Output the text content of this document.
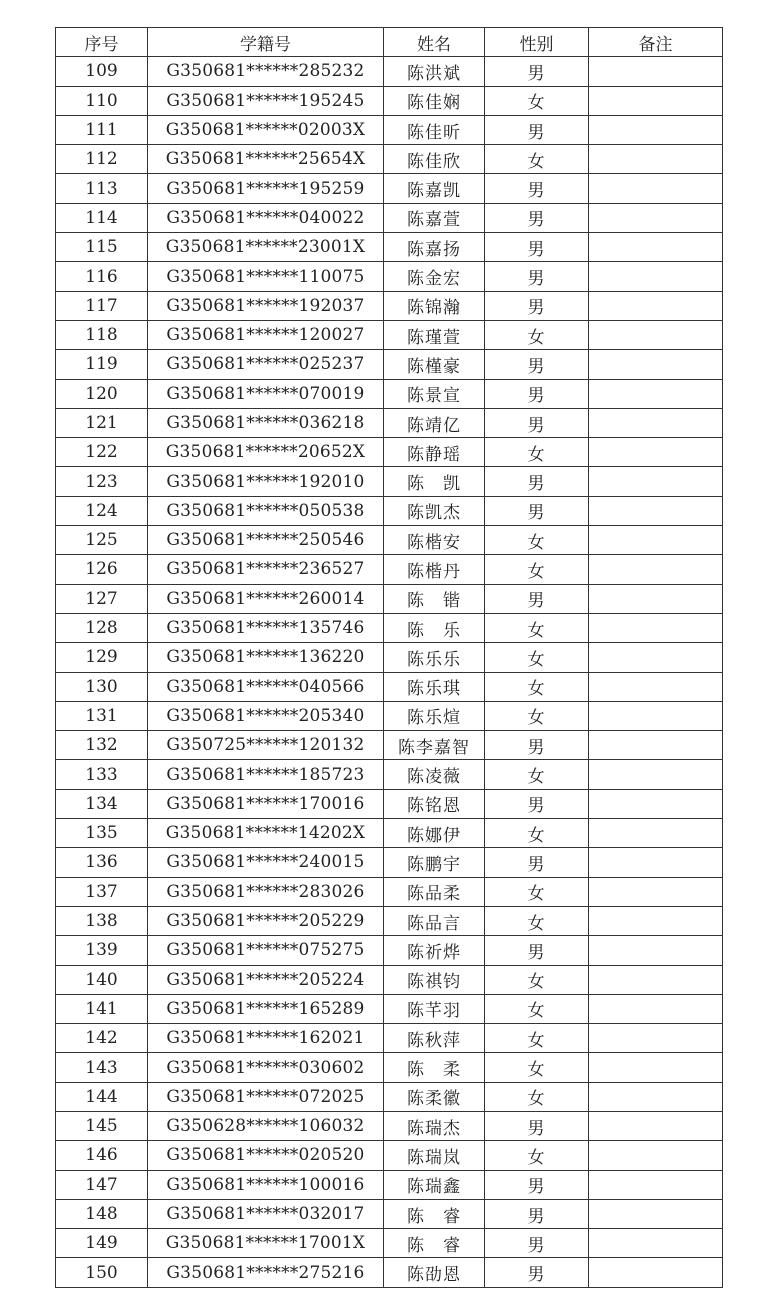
序号	学籍号	姓名	性别	备注
109	G350681******285232	陈洪斌	男	
110	G350681******195245	陈佳娴	女	
111	G350681******02003X	陈佳昕	男	
112	G350681******25654X	陈佳欣	女	
113	G350681******195259	陈嘉凯	男	
114	G350681******040022	陈嘉萱	男	
115	G350681******23001X	陈嘉扬	男	
116	G350681******110075	陈金宏	男	
117	G350681******192037	陈锦瀚	男	
118	G350681******120027	陈瑾萱	女	
119	G350681******025237	陈槿豪	男	
120	G350681******070019	陈景宣	男	
121	G350681******036218	陈靖亿	男	
122	G350681******20652X	陈静瑶	女	
123	G350681******192010	陈　凯	男	
124	G350681******050538	陈凯杰	男	
125	G350681******250546	陈楷安	女	
126	G350681******236527	陈楷丹	女	
127	G350681******260014	陈　锴	男	
128	G350681******135746	陈　乐	女	
129	G350681******136220	陈乐乐	女	
130	G350681******040566	陈乐琪	女	
131	G350681******205340	陈乐煊	女	
132	G350725******120132	陈李嘉智	男	
133	G350681******185723	陈凌薇	女	
134	G350681******170016	陈铭恩	男	
135	G350681******14202X	陈娜伊	女	
136	G350681******240015	陈鹏宇	男	
137	G350681******283026	陈品柔	女	
138	G350681******205229	陈品言	女	
139	G350681******075275	陈祈烨	男	
140	G350681******205224	陈祺钧	女	
141	G350681******165289	陈芊羽	女	
142	G350681******162021	陈秋萍	女	
143	G350681******030602	陈　柔	女	
144	G350681******072025	陈柔徽	女	
145	G350628******106032	陈瑞杰	男	
146	G350681******020520	陈瑞岚	女	
147	G350681******100016	陈瑞鑫	男	
148	G350681******032017	陈　睿	男	
149	G350681******17001X	陈　睿	男	
150	G350681******275216	陈劭恩	男	
